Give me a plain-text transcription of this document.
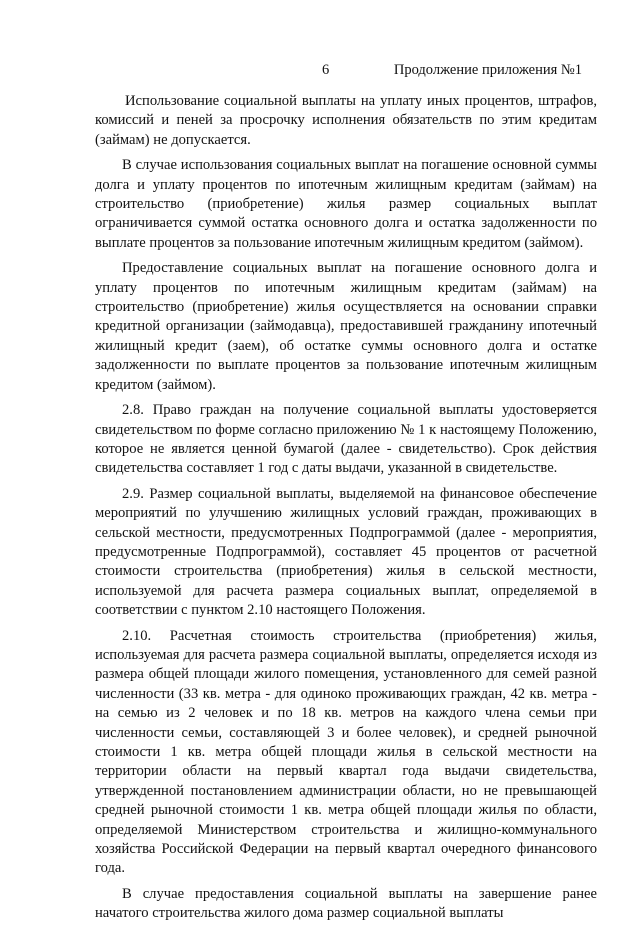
6	Продолжение приложения №1

Использование социальной выплаты на уплату иных процентов, штрафов, комиссий и пеней за просрочку исполнения обязательств по этим кредитам (займам) не допускается.

В случае использования социальных выплат на погашение основной суммы долга и уплату процентов по ипотечным жилищным кредитам (займам) на строительство (приобретение) жилья размер социальных выплат ограничивается суммой остатка основного долга и остатка задолженности по выплате процентов за пользование ипотечным жилищным кредитом (займом).

Предоставление социальных выплат на погашение основного долга и уплату процентов по ипотечным жилищным кредитам (займам) на строительство (приобретение) жилья осуществляется на основании справки кредитной организации (займодавца), предоставившей гражданину ипотечный жилищный кредит (заем), об остатке суммы основного долга и остатке задолженности по выплате процентов за пользование ипотечным жилищным кредитом (займом).

2.8. Право граждан на получение социальной выплаты удостоверяется свидетельством по форме согласно приложению № 1 к настоящему Положению, которое не является ценной бумагой (далее - свидетельство). Срок действия свидетельства составляет 1 год с даты выдачи, указанной в свидетельстве.

2.9. Размер социальной выплаты, выделяемой на финансовое обеспечение мероприятий по улучшению жилищных условий граждан, проживающих в сельской местности, предусмотренных Подпрограммой (далее - мероприятия, предусмотренные Подпрограммой), составляет 45 процентов от расчетной стоимости строительства (приобретения) жилья в сельской местности, используемой для расчета размера социальных выплат, определяемой в соответствии с пунктом 2.10 настоящего Положения.

2.10. Расчетная стоимость строительства (приобретения) жилья, используемая для расчета размера социальной выплаты, определяется исходя из размера общей площади жилого помещения, установленного для семей разной численности (33 кв. метра - для одиноко проживающих граждан, 42 кв. метра - на семью из 2 человек и по 18 кв. метров на каждого члена семьи при численности семьи, составляющей 3 и более человек), и средней рыночной стоимости 1 кв. метра общей площади жилья в сельской местности на территории области на первый квартал года выдачи свидетельства, утвержденной постановлением администрации области, но не превышающей средней рыночной стоимости 1 кв. метра общей площади жилья по области, определяемой Министерством строительства и жилищно-коммунального хозяйства Российской Федерации на первый квартал очередного финансового года.

В случае предоставления социальной выплаты на завершение ранее начатого строительства жилого дома размер социальной выплаты
